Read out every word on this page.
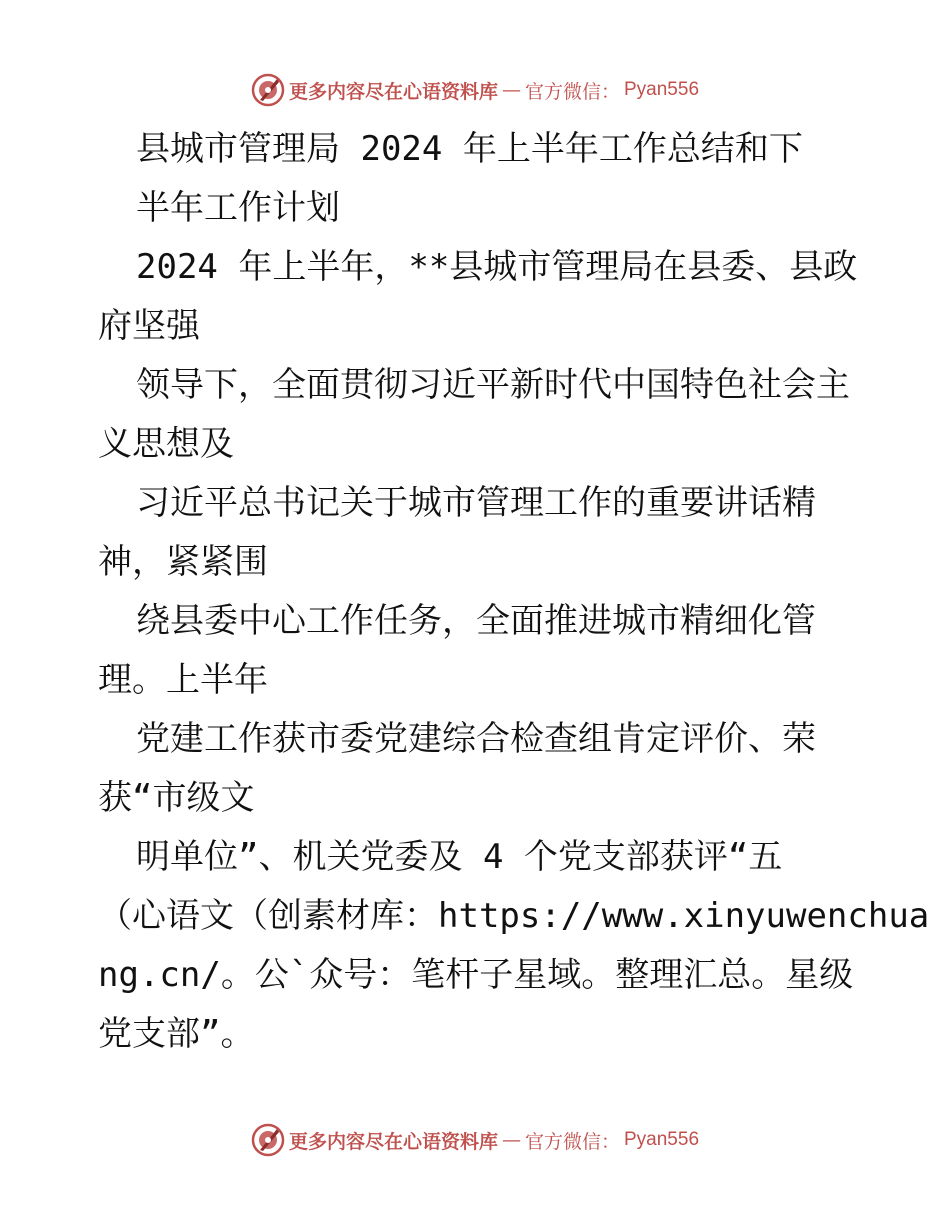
更多内容尽在心语资料库 — 官方微信： Pyan556
县城市管理局 2024 年上半年工作总结和下
半年工作计划
2024 年上半年，**县城市管理局在县委、县政
府坚强
领导下，全面贯彻习近平新时代中国特色社会主
义思想及
习近平总书记关于城市管理工作的重要讲话精
神，紧紧围
绕县委中心工作任务，全面推进城市精细化管
理。上半年
党建工作获市委党建综合检查组肯定评价、荣
获“市级文
明单位”、机关党委及 4 个党支部获评“五
（心语文（创素材库：https://www.xinyuwenchua
ng.cn/。公`众号：笔杆子星域。整理汇总。星级
党支部”。
更多内容尽在心语资料库 — 官方微信： Pyan556
